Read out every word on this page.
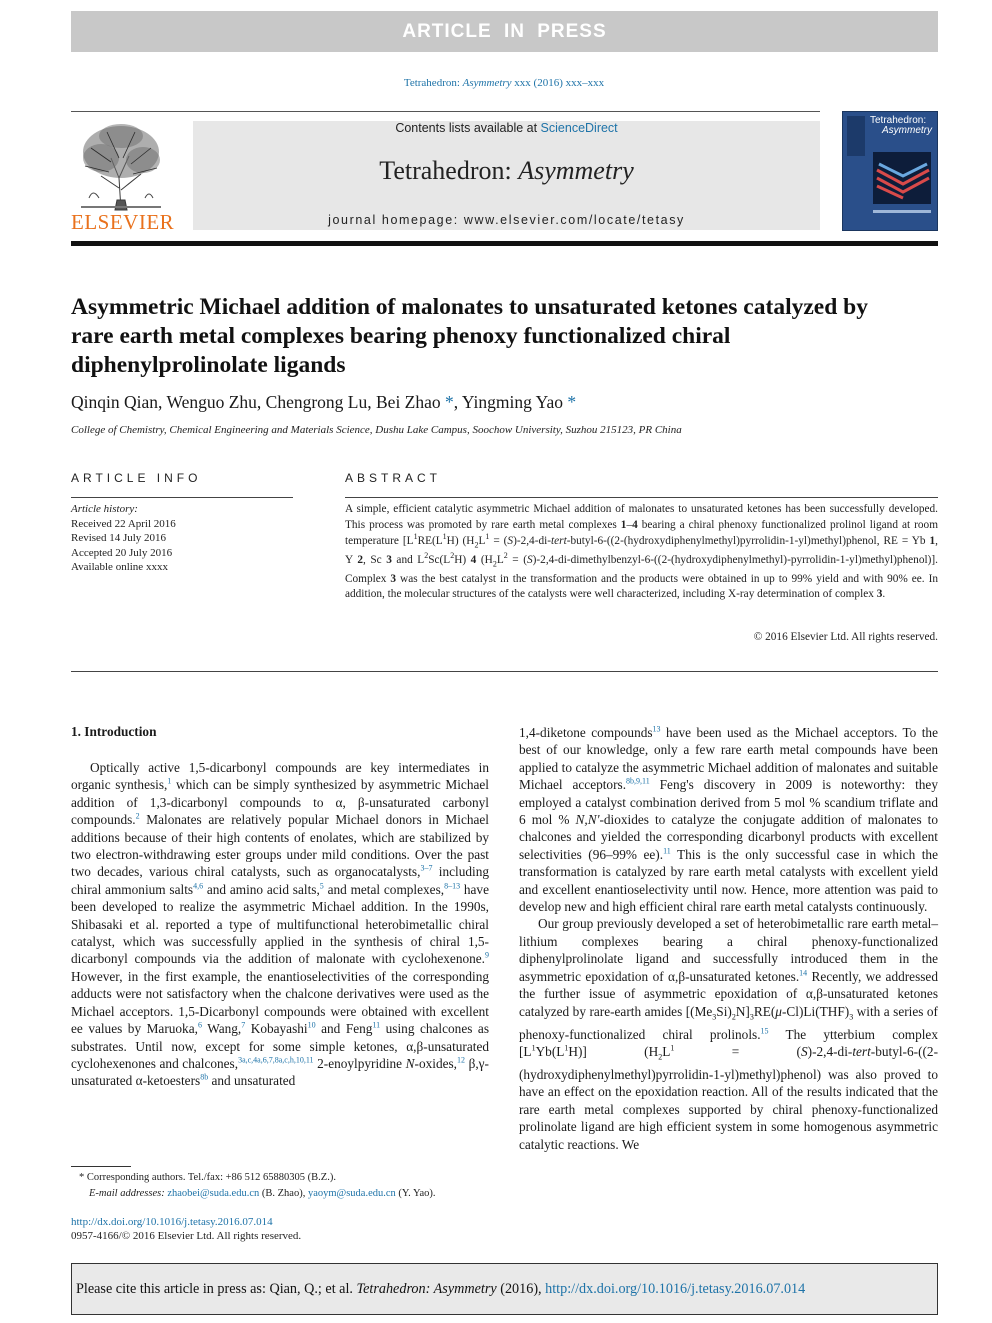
ARTICLE IN PRESS
Tetrahedron: Asymmetry xxx (2016) xxx–xxx
ELSEVIER
Contents lists available at ScienceDirect
Tetrahedron: Asymmetry
journal homepage: www.elsevier.com/locate/tetasy
Tetrahedron:
Asymmetry
Asymmetric Michael addition of malonates to unsaturated ketones catalyzed by rare earth metal complexes bearing phenoxy functionalized chiral diphenylprolinolate ligands
Qinqin Qian, Wenguo Zhu, Chengrong Lu, Bei Zhao *, Yingming Yao *
College of Chemistry, Chemical Engineering and Materials Science, Dushu Lake Campus, Soochow University, Suzhou 215123, PR China
ARTICLE INFO	ABSTRACT
Article history:
Received 22 April 2016
Revised 14 July 2016
Accepted 20 July 2016
Available online xxxx
A simple, efficient catalytic asymmetric Michael addition of malonates to unsaturated ketones has been successfully developed. This process was promoted by rare earth metal complexes 1–4 bearing a chiral phenoxy functionalized prolinol ligand at room temperature [$L^1RE(L^1H) (H_2L^1$ = (S)-2,4-di-tert-butyl-6-((2-(hydroxydiphenylmethyl)pyrrolidin-1-yl)methyl)phenol, RE = Yb 1, Y 2, Sc 3 and $L^2Sc(L^2H)$ 4 ($H_2L^2$ = (S)-2,4-di-dimethylbenzyl-6-((2-(hydroxydiphenylmethyl)-pyrrolidin-1-yl)methyl)phenol)]. Complex 3 was the best catalyst in the transformation and the products were obtained in up to 99% yield and with 90% ee. In addition, the molecular structures of the catalysts were well characterized, including X-ray determination of complex 3.
© 2016 Elsevier Ltd. All rights reserved.
1. Introduction

Optically active 1,5-dicarbonyl compounds are key intermediates in organic synthesis,$^1$ which can be simply synthesized by asymmetric Michael addition of 1,3-dicarbonyl compounds to α, β-unsaturated carbonyl compounds.$^2$ Malonates are relatively popular Michael donors in Michael additions because of their high contents of enolates, which are stabilized by two electron-withdrawing ester groups under mild conditions. Over the past two decades, various chiral catalysts, such as organocatalysts,$^{3-7}$ including chiral ammonium salts$^{4,6}$ and amino acid salts,$^5$ and metal complexes,$^{8-13}$ have been developed to realize the asymmetric Michael addition. In the 1990s, Shibasaki et al. reported a type of multifunctional heterobimetallic chiral catalyst, which was successfully applied in the synthesis of chiral 1,5-dicarbonyl compounds via the addition of malonate with cyclohexenone.$^9$ However, in the first example, the enantioselectivities of the corresponding adducts were not satisfactory when the chalcone derivatives were used as the Michael acceptors. 1,5-Dicarbonyl compounds were obtained with excellent ee values by Maruoka,$^6$ Wang,$^7$ Kobayashi$^{10}$ and Feng$^{11}$ using chalcones as substrates. Until now, except for some simple ketones, α,β-unsaturated cyclohexenones and chalcones,$^{3a,c,4a,6,7,8a,c,h,10,11}$ 2-enoylpyridine N-oxides,$^{12}$ β,γ-unsaturated α-ketoesters$^{8b}$ and unsaturated

1,4-diketone compounds$^{13}$ have been used as the Michael acceptors. To the best of our knowledge, only a few rare earth metal compounds have been applied to catalyze the asymmetric Michael addition of malonates and suitable Michael acceptors.$^{8b,9,11}$ Feng's discovery in 2009 is noteworthy: they employed a catalyst combination derived from 5 mol % scandium triflate and 6 mol % N,N'-dioxides to catalyze the conjugate addition of malonates to chalcones and yielded the corresponding dicarbonyl products with excellent selectivities (96–99% ee).$^{11}$ This is the only successful case in which the transformation is catalyzed by rare earth metal catalysts with excellent yield and excellent enantioselectivity until now. Hence, more attention was paid to develop new and high efficient chiral rare earth metal catalysts continuously.

Our group previously developed a set of heterobimetallic rare earth metal–lithium complexes bearing a chiral phenoxy-functionalized diphenylprolinolate ligand and successfully introduced them in the asymmetric epoxidation of α,β-unsaturated ketones.$^{14}$ Recently, we addressed the further issue of asymmetric epoxidation of α,β-unsaturated ketones catalyzed by rare-earth amides $[(Me_3Si)_2N]_3RE(\mu-Cl)Li(THF)_3$ with a series of phenoxy-functionalized chiral prolinols.$^{15}$ The ytterbium complex $[L^1Yb(L^1H)] (H_2L^1$ = (S)-2,4-di-tert-butyl-6-((2-(hydroxydiphenylmethyl)pyrrolidin-1-yl)methyl)phenol) was also proved to have an effect on the epoxidation reaction. All of the results indicated that the rare earth metal complexes supported by chiral phenoxy-functionalized prolinolate ligand are high efficient system in some homogenous asymmetric catalytic reactions. We

* Corresponding authors. Tel./fax: +86 512 65880305 (B.Z.).
E-mail addresses: zhaobei@suda.edu.cn (B. Zhao), yaoym@suda.edu.cn (Y. Yao).
http://dx.doi.org/10.1016/j.tetasy.2016.07.014
0957-4166/© 2016 Elsevier Ltd. All rights reserved.
Please cite this article in press as: Qian, Q.; et al. Tetrahedron: Asymmetry (2016), http://dx.doi.org/10.1016/j.tetasy.2016.07.014
